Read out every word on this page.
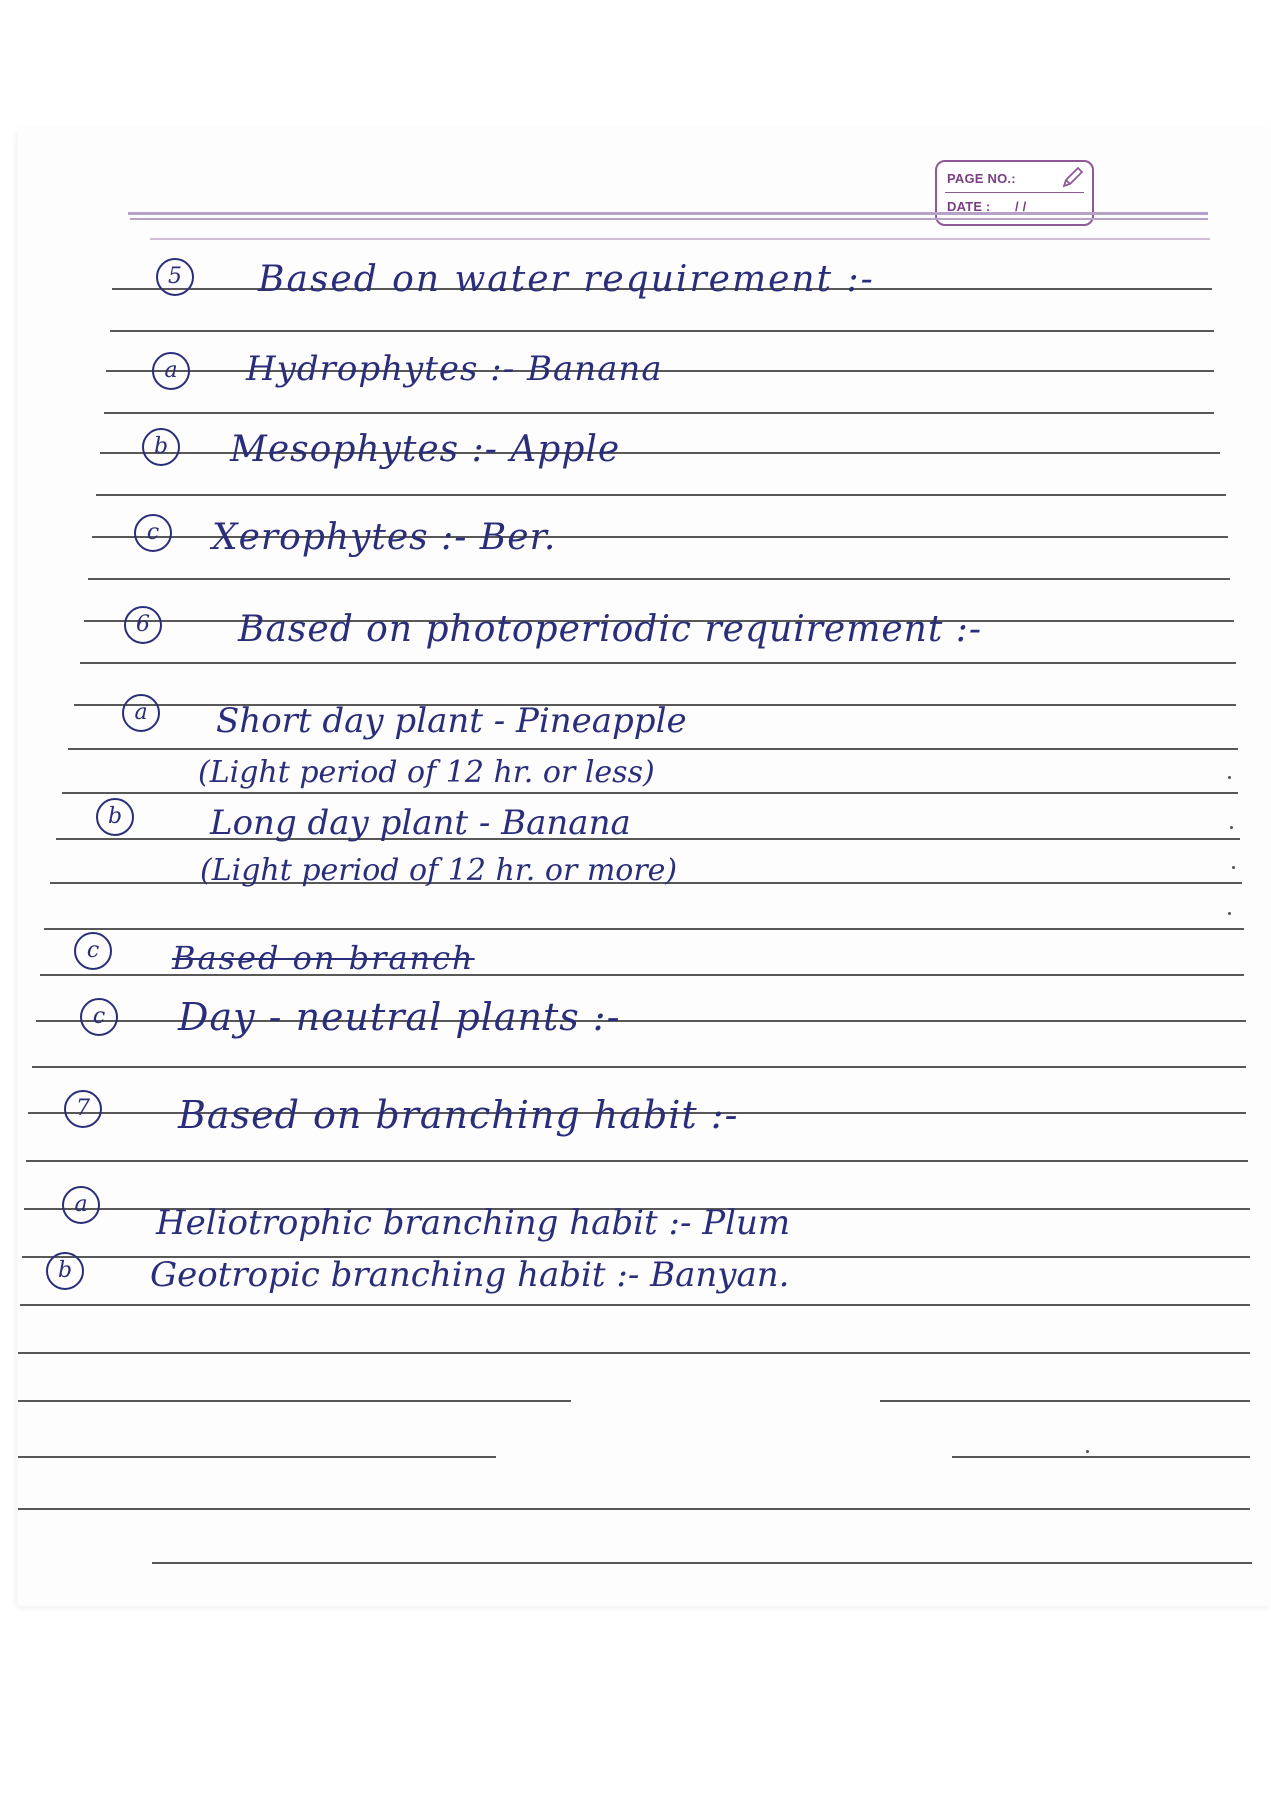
PAGE NO.:
DATE : / /
5	Based on water requirement :-
a	Hydrophytes :- Banana
b	Mesophytes :- Apple
c	Xerophytes :- Ber.
6	Based on photoperiodic requirement :-
a	Short day plant - Pineapple
(Light period of 12 hr. or less)
b	Long day plant - Banana
(Light period of 12 hr. or more)
c	Based on branch
c	Day - neutral plants :-
7	Based on branching habit :-
a	Heliotrophic branching habit :- Plum
b	Geotropic branching habit :- Banyan.
